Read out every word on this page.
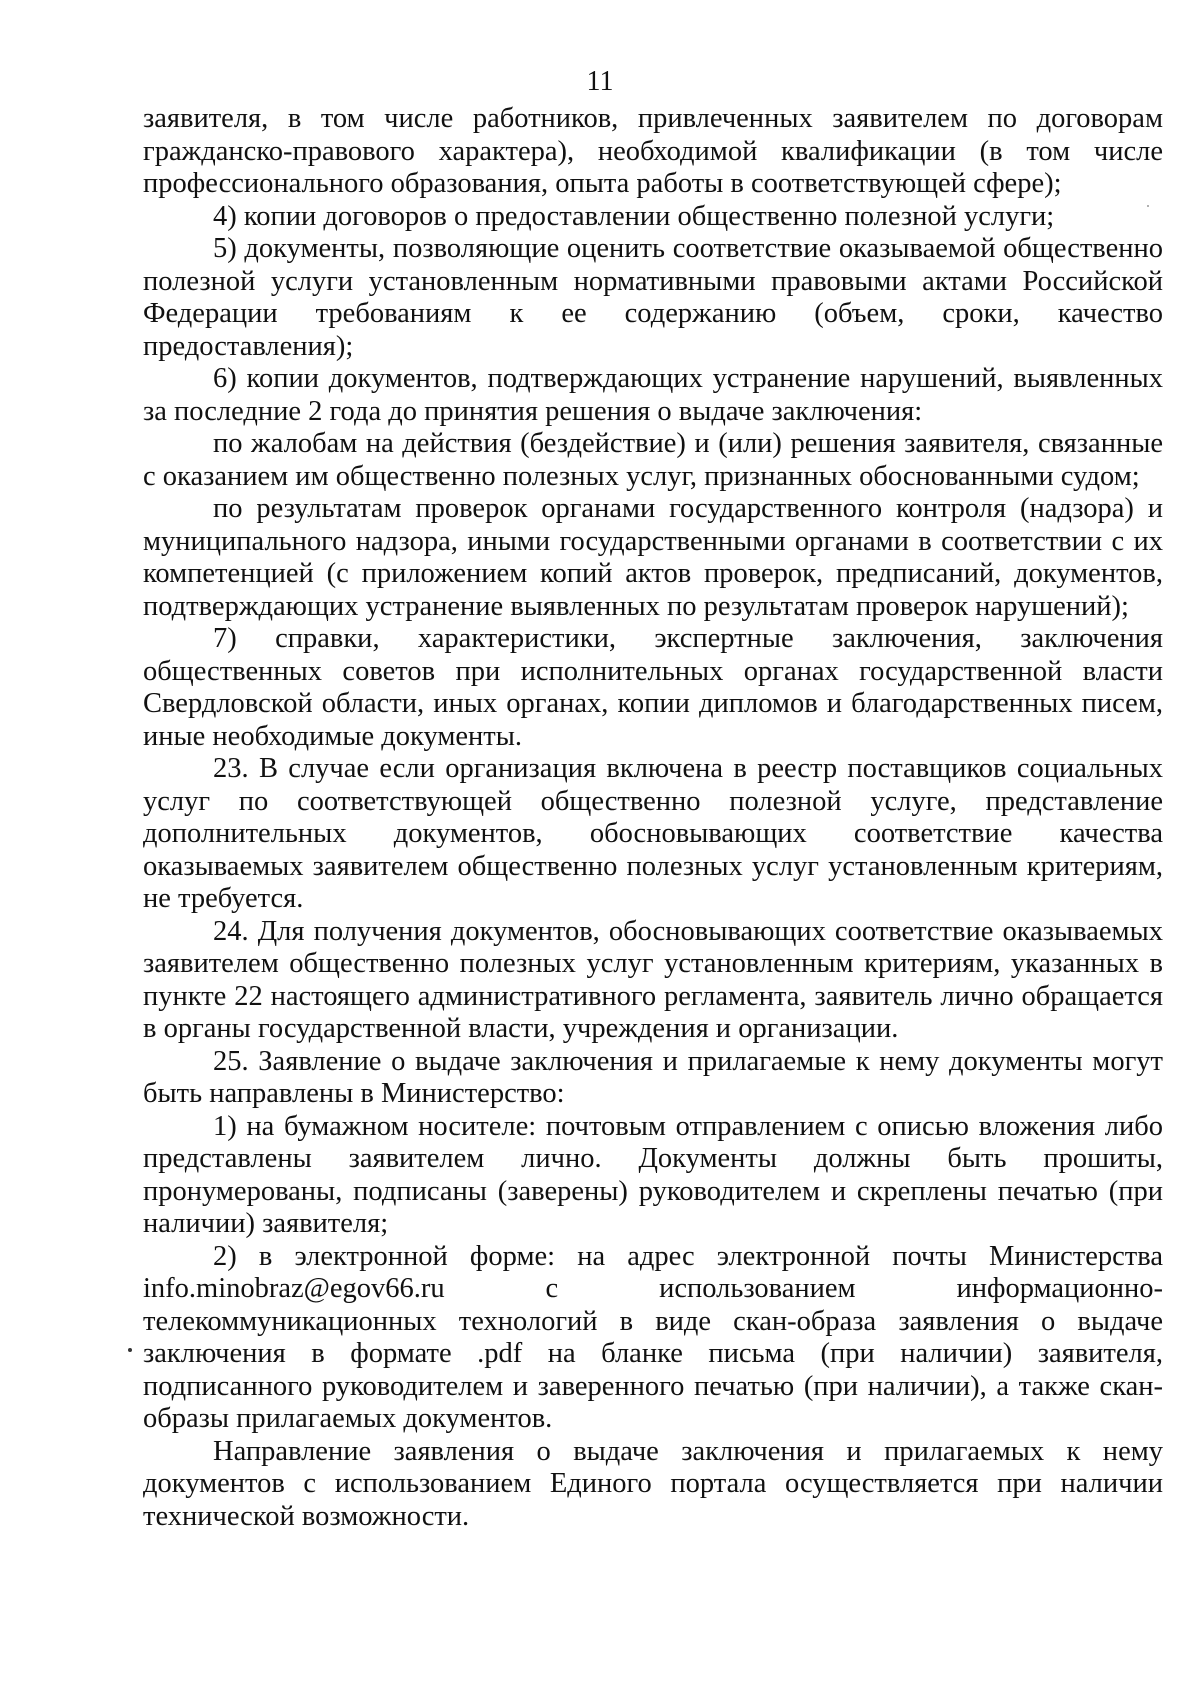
11

заявителя, в том числе работников, привлеченных заявителем по договорам гражданско-правового характера), необходимой квалификации (в том числе профессионального образования, опыта работы в соответствующей сфере);

4) копии договоров о предоставлении общественно полезной услуги;

5) документы, позволяющие оценить соответствие оказываемой общественно полезной услуги установленным нормативными правовыми актами Российской Федерации требованиям к ее содержанию (объем, сроки, качество предоставления);

6) копии документов, подтверждающих устранение нарушений, выявленных за последние 2 года до принятия решения о выдаче заключения:

по жалобам на действия (бездействие) и (или) решения заявителя, связанные с оказанием им общественно полезных услуг, признанных обоснованными судом;

по результатам проверок органами государственного контроля (надзора) и муниципального надзора, иными государственными органами в соответствии с их компетенцией (с приложением копий актов проверок, предписаний, документов, подтверждающих устранение выявленных по результатам проверок нарушений);

7) справки, характеристики, экспертные заключения, заключения общественных советов при исполнительных органах государственной власти Свердловской области, иных органах, копии дипломов и благодарственных писем, иные необходимые документы.

23. В случае если организация включена в реестр поставщиков социальных услуг по соответствующей общественно полезной услуге, представление дополнительных документов, обосновывающих соответствие качества оказываемых заявителем общественно полезных услуг установленным критериям, не требуется.

24. Для получения документов, обосновывающих соответствие оказываемых заявителем общественно полезных услуг установленным критериям, указанных в пункте 22 настоящего административного регламента, заявитель лично обращается в органы государственной власти, учреждения и организации.

25. Заявление о выдаче заключения и прилагаемые к нему документы могут быть направлены в Министерство:

1) на бумажном носителе: почтовым отправлением с описью вложения либо представлены заявителем лично. Документы должны быть прошиты, пронумерованы, подписаны (заверены) руководителем и скреплены печатью (при наличии) заявителя;

2) в электронной форме: на адрес электронной почты Министерства info.minobraz@egov66.ru с использованием информационно-телекоммуникационных технологий в виде скан-образа заявления о выдаче заключения в формате .pdf на бланке письма (при наличии) заявителя, подписанного руководителем и заверенного печатью (при наличии), а также скан-образы прилагаемых документов.

Направление заявления о выдаче заключения и прилагаемых к нему документов с использованием Единого портала осуществляется при наличии технической возможности.
